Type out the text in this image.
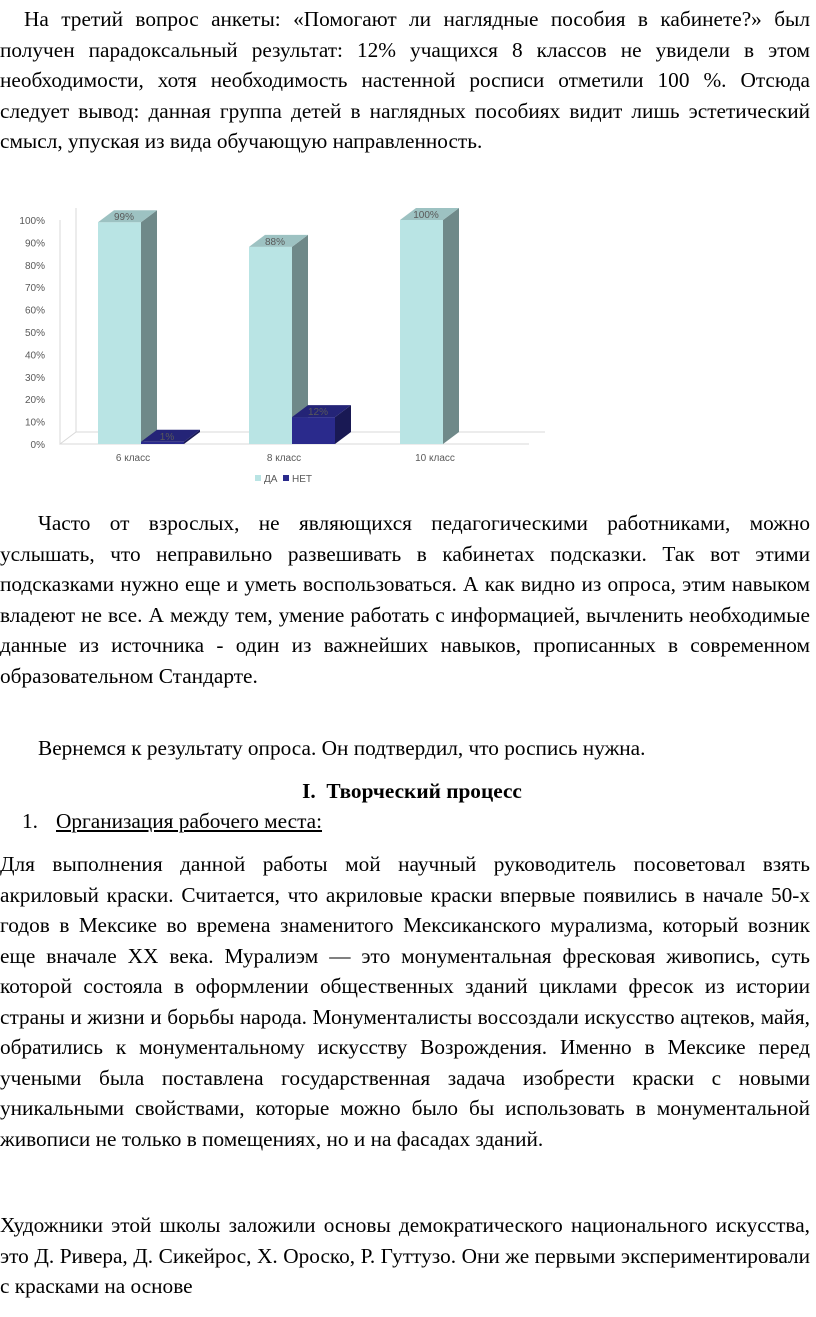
На третий вопрос анкеты: «Помогают ли наглядные пособия в кабинете?» был получен парадоксальный результат: 12% учащихся 8 классов не увидели в этом необходимости, хотя необходимость настенной росписи отметили 100 %. Отсюда следует вывод: данная группа детей в наглядных пособиях видит лишь эстетический смысл, упуская из вида обучающую направленность.

0%
10%
20%
30%
40%
50%
60%
70%
80%
90%
100%	99%
1%
6 класс
88%
12%
8 класс
100%
10 класс
ДА НЕТ

Часто от взрослых, не являющихся педагогическими работниками, можно услышать, что неправильно развешивать в кабинетах подсказки. Так вот этими подсказками нужно еще и уметь воспользоваться. А как видно из опроса, этим навыком владеют не все. А между тем, умение работать с информацией, вычленить необходимые данные из источника - один из важнейших навыков, прописанных в современном образовательном Стандарте.

Вернемся к результату опроса. Он подтвердил, что роспись нужна.

I. Творческий процесс
1. Организация рабочего места:

Для выполнения данной работы мой научный руководитель посоветовал взять акриловый краски. Считается, что акриловые краски впервые появились в начале 50-х годов в Мексике во времена знаменитого Мексиканского мурализма, который возник еще вначале XX века. Муралиэм — это монументальная фресковая живопись, суть которой состояла в оформлении общественных зданий циклами фресок из истории страны и жизни и борьбы народа. Монументалисты воссоздали искусство ацтеков, майя, обратились к монументальному искусству Возрождения. Именно в Мексике перед учеными была поставлена государственная задача изобрести краски с новыми уникальными свойствами, которые можно было бы использовать в монументальной живописи не только в помещениях, но и на фасадах зданий.

Художники этой школы заложили основы демократического национального искусства, это Д. Ривера, Д. Сикейрос, Х. Ороско, Р. Гуттузо. Они же первыми экспериментировали с красками на основе
